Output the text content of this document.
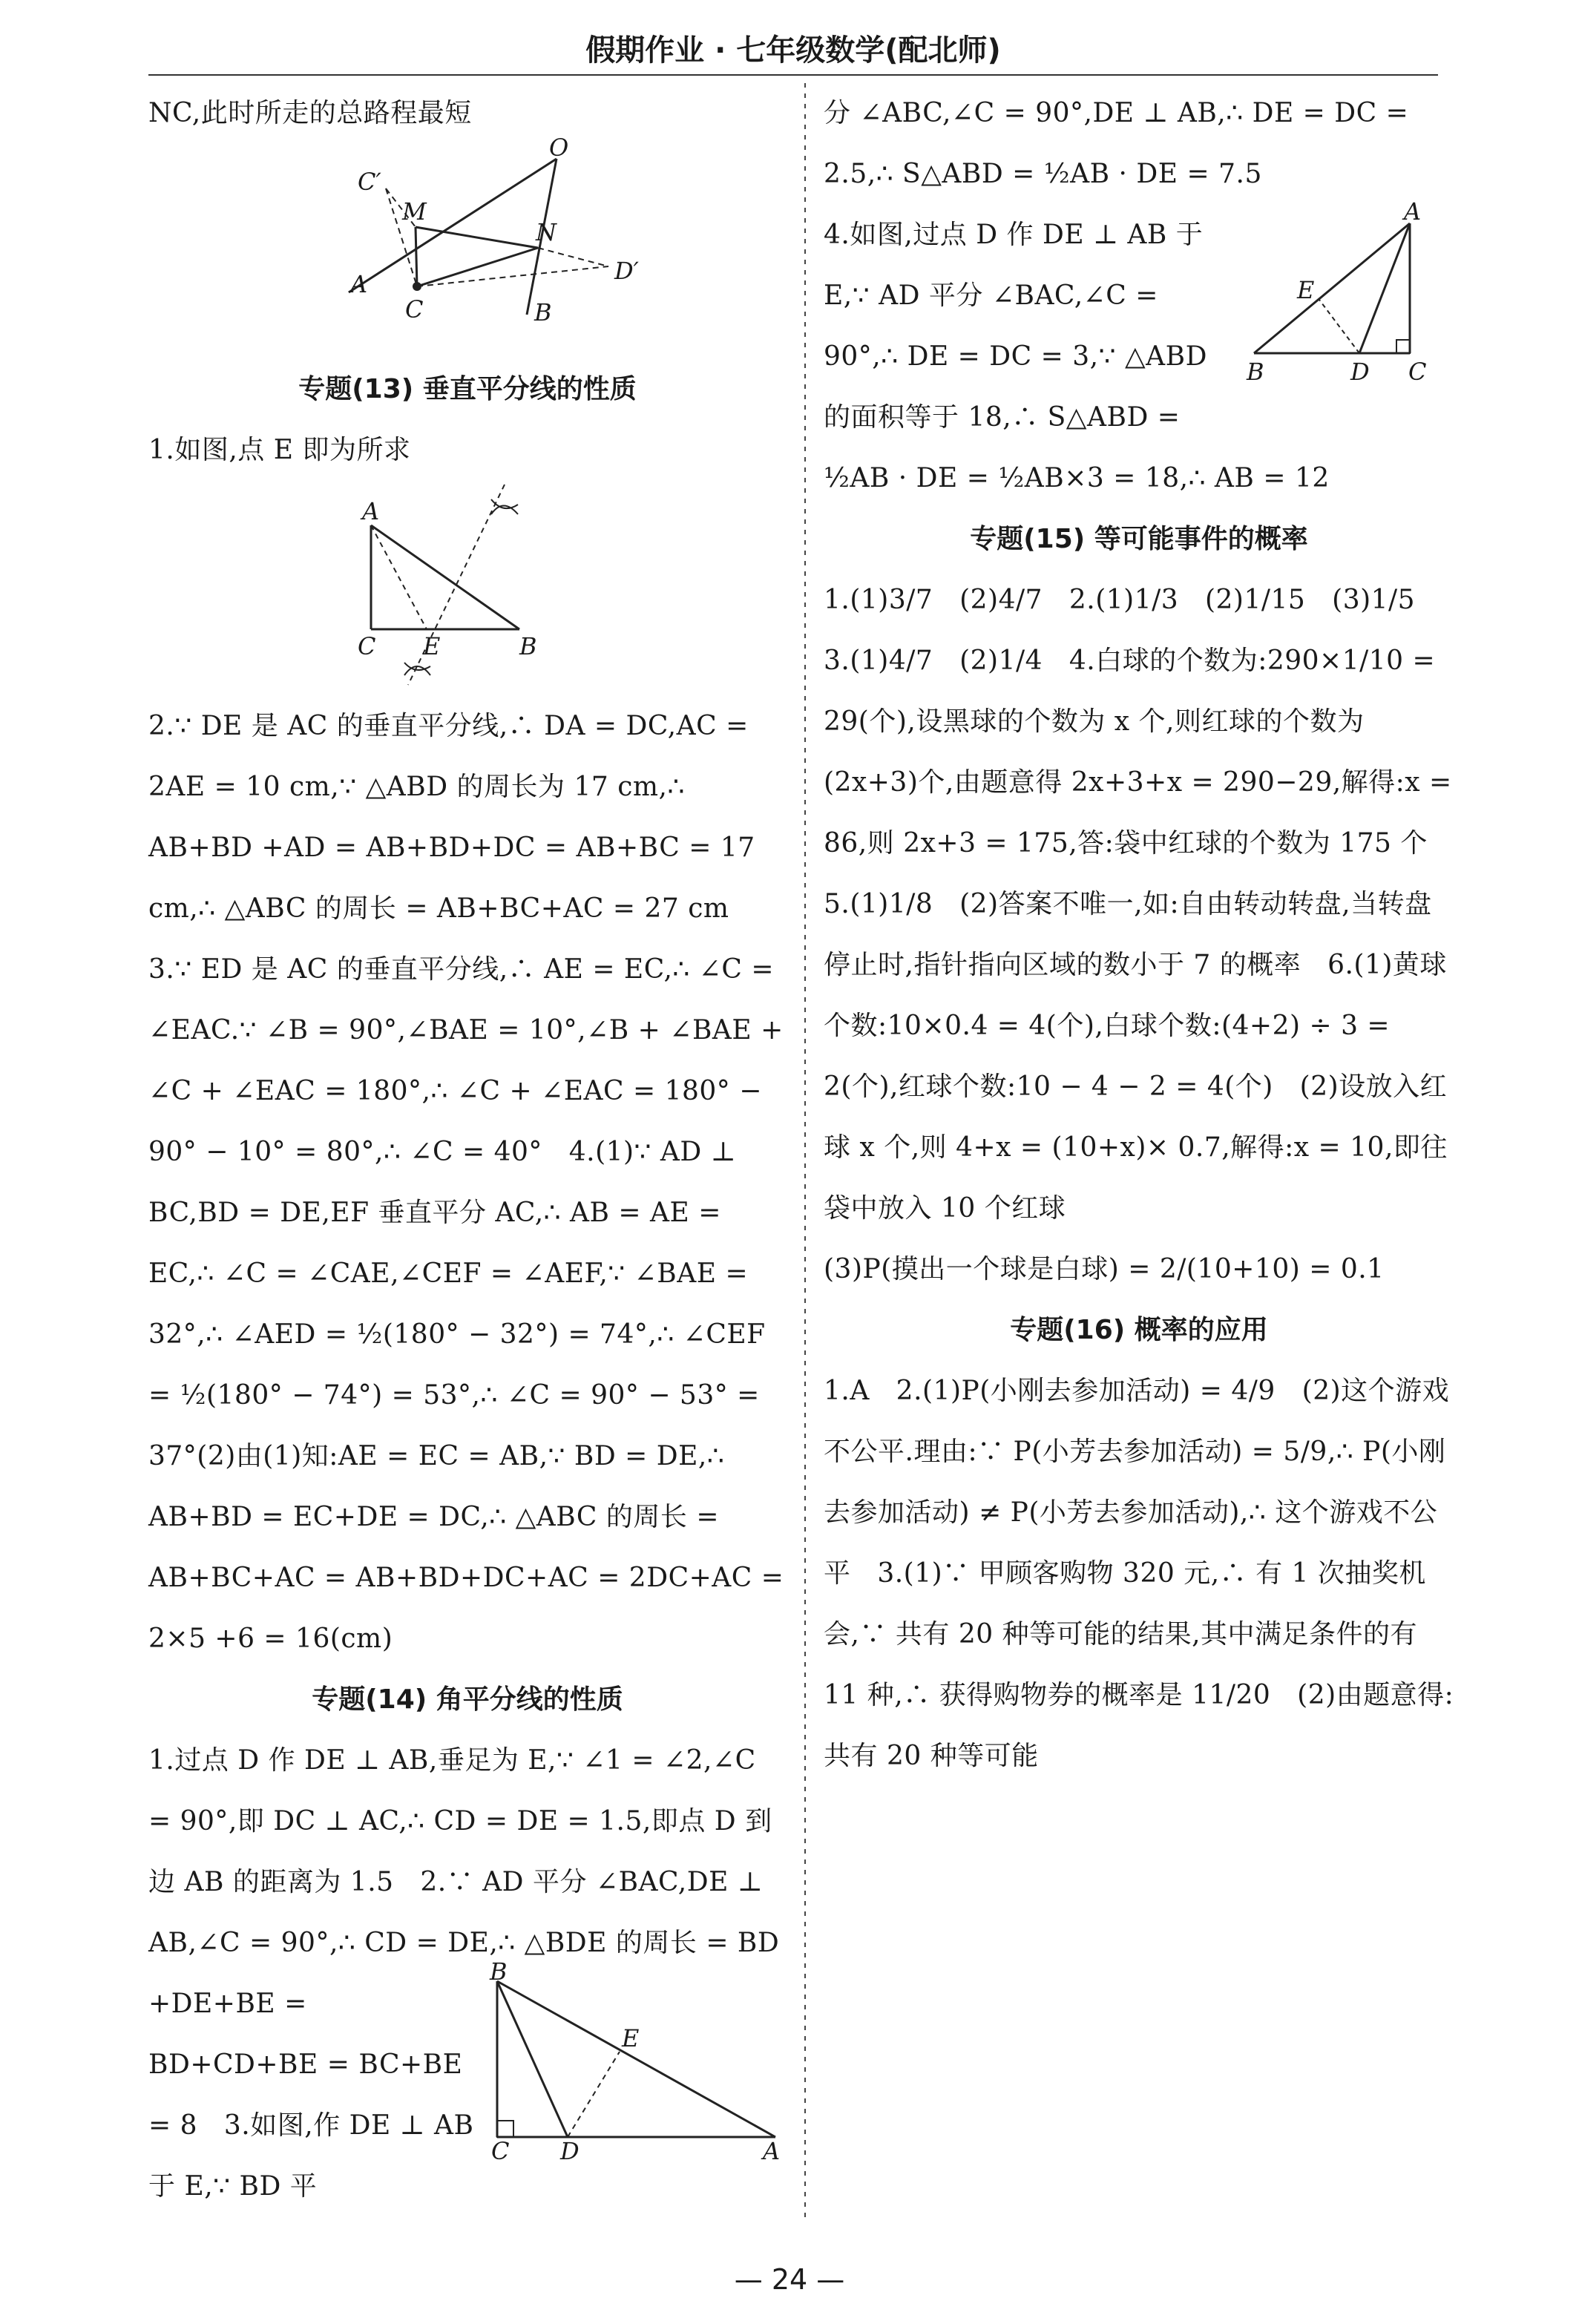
假期作业 · 七年级数学(配北师)

NC,此时所走的总路程最短

O
C′
M
N
D′
A
C	B

专题(13) 垂直平分线的性质

1.如图,点 E 即为所求

A
C E	B

2.∵ DE 是 AC 的垂直平分线,∴ DA = DC,AC = 2AE = 10 cm,∵ △ABD 的周长为 17 cm,∴ AB+BD +AD = AB+BD+DC = AB+BC = 17 cm,∴ △ABC 的周长 = AB+BC+AC = 27 cm   3.∵ ED 是 AC 的垂直平分线,∴ AE = EC,∴ ∠C = ∠EAC.∵ ∠B = 90°,∠BAE = 10°,∠B + ∠BAE + ∠C + ∠EAC = 180°,∴ ∠C + ∠EAC = 180° − 90° − 10° = 80°,∴ ∠C = 40°   4.(1)∵ AD ⊥ BC,BD = DE,EF 垂直平分 AC,∴ AB = AE = EC,∴ ∠C = ∠CAE,∠CEF = ∠AEF,∵ ∠BAE = 32°,∴ ∠AED = ½(180° − 32°) = 74°,∴ ∠CEF = ½(180° − 74°) = 53°,∴ ∠C = 90° − 53° = 37°(2)由(1)知:AE = EC = AB,∵ BD = DE,∴ AB+BD = EC+DE = DC,∴ △ABC 的周长 = AB+BC+AC = AB+BD+DC+AC = 2DC+AC = 2×5 +6 = 16(cm)

专题(14) 角平分线的性质

1.过点 D 作 DE ⊥ AB,垂足为 E,∵ ∠1 = ∠2,∠C = 90°,即 DC ⊥ AC,∴ CD = DE = 1.5,即点 D 到边 AB 的距离为 1.5   2.∵ AD 平分 ∠BAC,DE ⊥ AB,∠C = 90°,∴ CD = DE,∴ △BDE 的周长 = BD

B
E
C D	A

+DE+BE = BD+CD+BE = BC+BE = 8   3.如图,作 DE ⊥ AB 于 E,∵ BD 平

分 ∠ABC,∠C = 90°,DE ⊥ AB,∴ DE = DC = 2.5,∴ S△ABD = ½AB · DE = 7.5

A
E
B	D C

4.如图,过点 D 作 DE ⊥ AB 于 E,∵ AD 平分 ∠BAC,∠C = 90°,∴ DE = DC = 3,∵ △ABD 的面积等于 18,∴ S△ABD = ½AB · DE = ½AB×3 = 18,∴ AB = 12

专题(15) 等可能事件的概率

1.(1)3/7   (2)4/7   2.(1)1/3   (2)1/15   (3)1/5

3.(1)4/7   (2)1/4   4.白球的个数为:290×1/10 = 29(个),设黑球的个数为 x 个,则红球的个数为(2x+3)个,由题意得 2x+3+x = 290−29,解得:x = 86,则 2x+3 = 175,答:袋中红球的个数为 175 个

5.(1)1/8   (2)答案不唯一,如:自由转动转盘,当转盘停止时,指针指向区域的数小于 7 的概率   6.(1)黄球个数:10×0.4 = 4(个),白球个数:(4+2) ÷ 3 = 2(个),红球个数:10 − 4 − 2 = 4(个)   (2)设放入红球 x 个,则 4+x = (10+x)× 0.7,解得:x = 10,即往袋中放入 10 个红球

(3)P(摸出一个球是白球) = 2/(10+10) = 0.1

专题(16) 概率的应用

1.A   2.(1)P(小刚去参加活动) = 4/9   (2)这个游戏不公平.理由:∵ P(小芳去参加活动) = 5/9,∴ P(小刚去参加活动) ≠ P(小芳去参加活动),∴ 这个游戏不公平   3.(1)∵ 甲顾客购物 320 元,∴ 有 1 次抽奖机会,∵ 共有 20 种等可能的结果,其中满足条件的有 11 种,∴ 获得购物券的概率是 11/20   (2)由题意得:共有 20 种等可能

— 24 —
